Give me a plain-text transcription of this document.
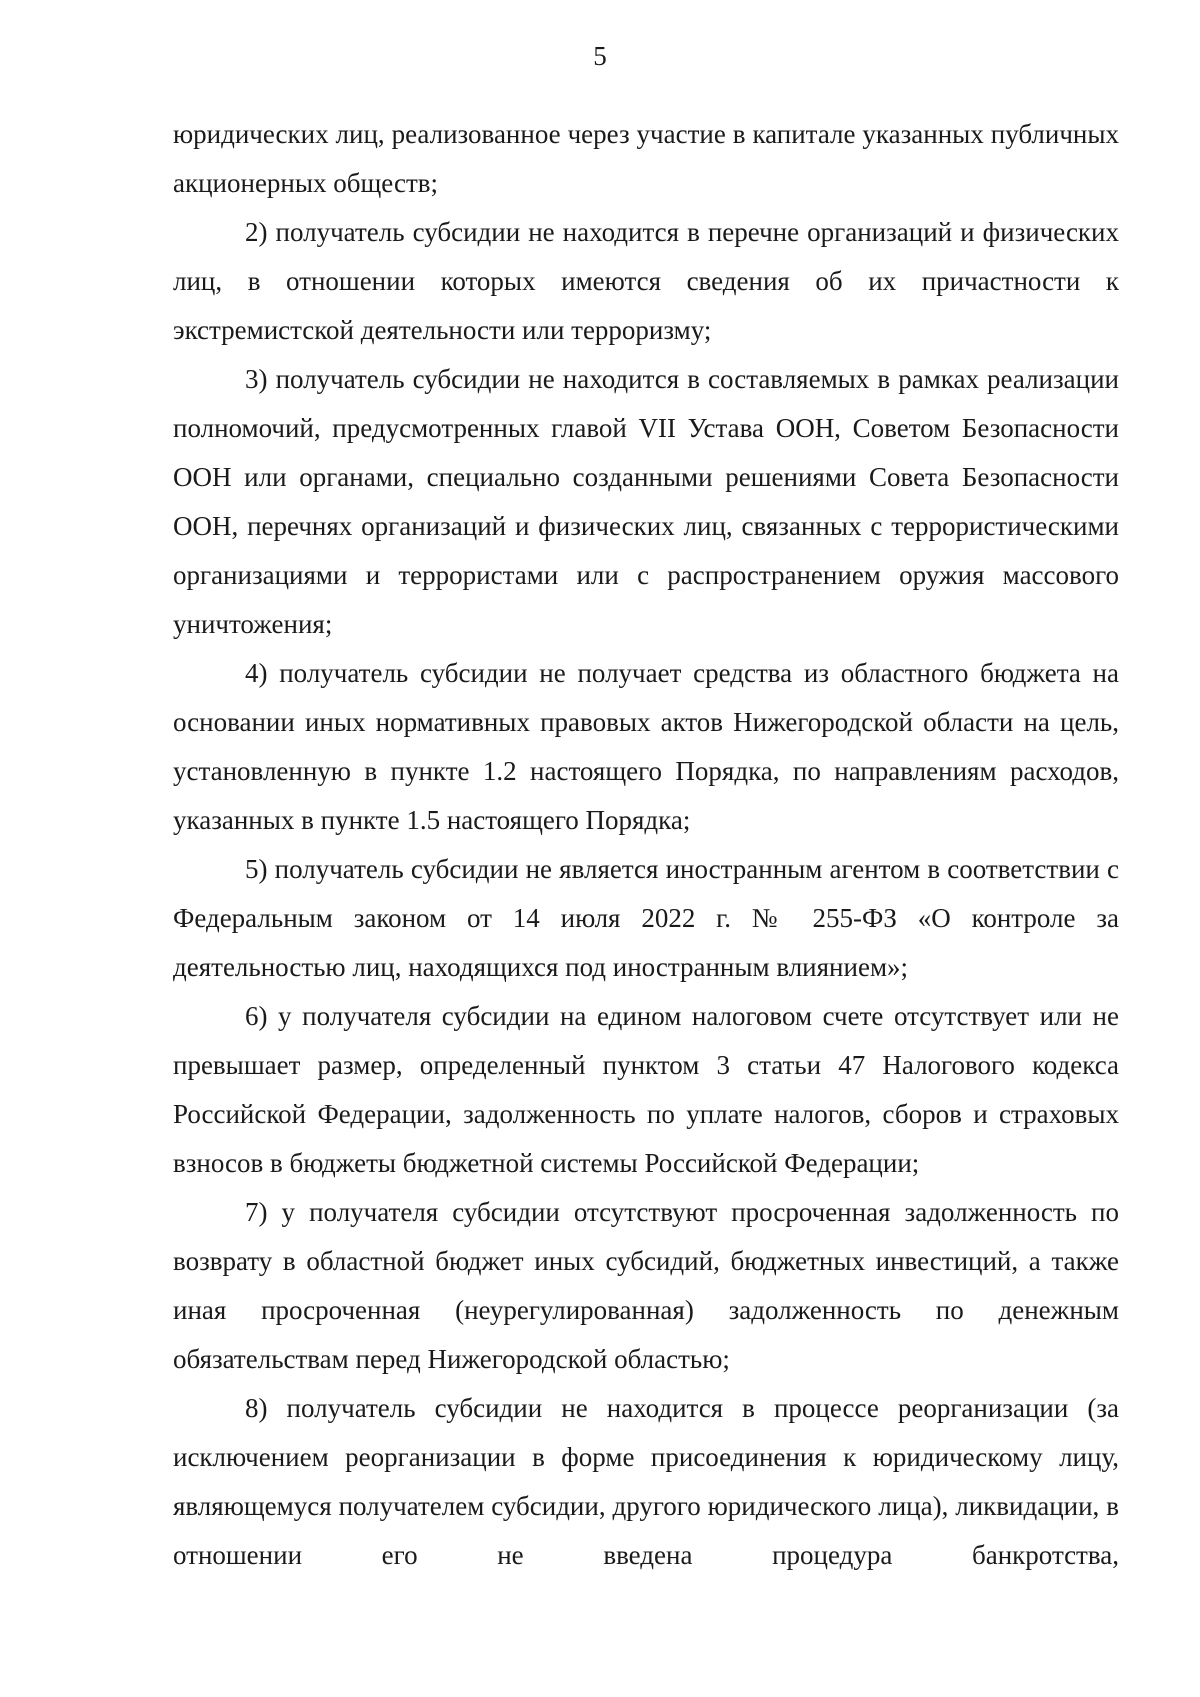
5

юридических лиц, реализованное через участие в капитале указанных публичных акционерных обществ;

2) получатель субсидии не находится в перечне организаций и физических лиц, в отношении которых имеются сведения об их причастности к экстремистской деятельности или терроризму;

3) получатель субсидии не находится в составляемых в рамках реализации полномочий, предусмотренных главой VII Устава ООН, Советом Безопасности ООН или органами, специально созданными решениями Совета Безопасности ООН, перечнях организаций и физических лиц, связанных с террористическими организациями и террористами или с распространением оружия массового уничтожения;

4) получатель субсидии не получает средства из областного бюджета на основании иных нормативных правовых актов Нижегородской области на цель, установленную в пункте 1.2 настоящего Порядка, по направлениям расходов, указанных в пункте 1.5 настоящего Порядка;

5) получатель субсидии не является иностранным агентом в соответствии с Федеральным законом от 14 июля 2022 г. № 255-ФЗ «О контроле за деятельностью лиц, находящихся под иностранным влиянием»;

6) у получателя субсидии на едином налоговом счете отсутствует или не превышает размер, определенный пунктом 3 статьи 47 Налогового кодекса Российской Федерации, задолженность по уплате налогов, сборов и страховых взносов в бюджеты бюджетной системы Российской Федерации;

7) у получателя субсидии отсутствуют просроченная задолженность по возврату в областной бюджет иных субсидий, бюджетных инвестиций, а также иная просроченная (неурегулированная) задолженность по денежным обязательствам перед Нижегородской областью;

8) получатель субсидии не находится в процессе реорганизации (за исключением реорганизации в форме присоединения к юридическому лицу, являющемуся получателем субсидии, другого юридического лица), ликвидации, в отношении его не введена процедура банкротства,
